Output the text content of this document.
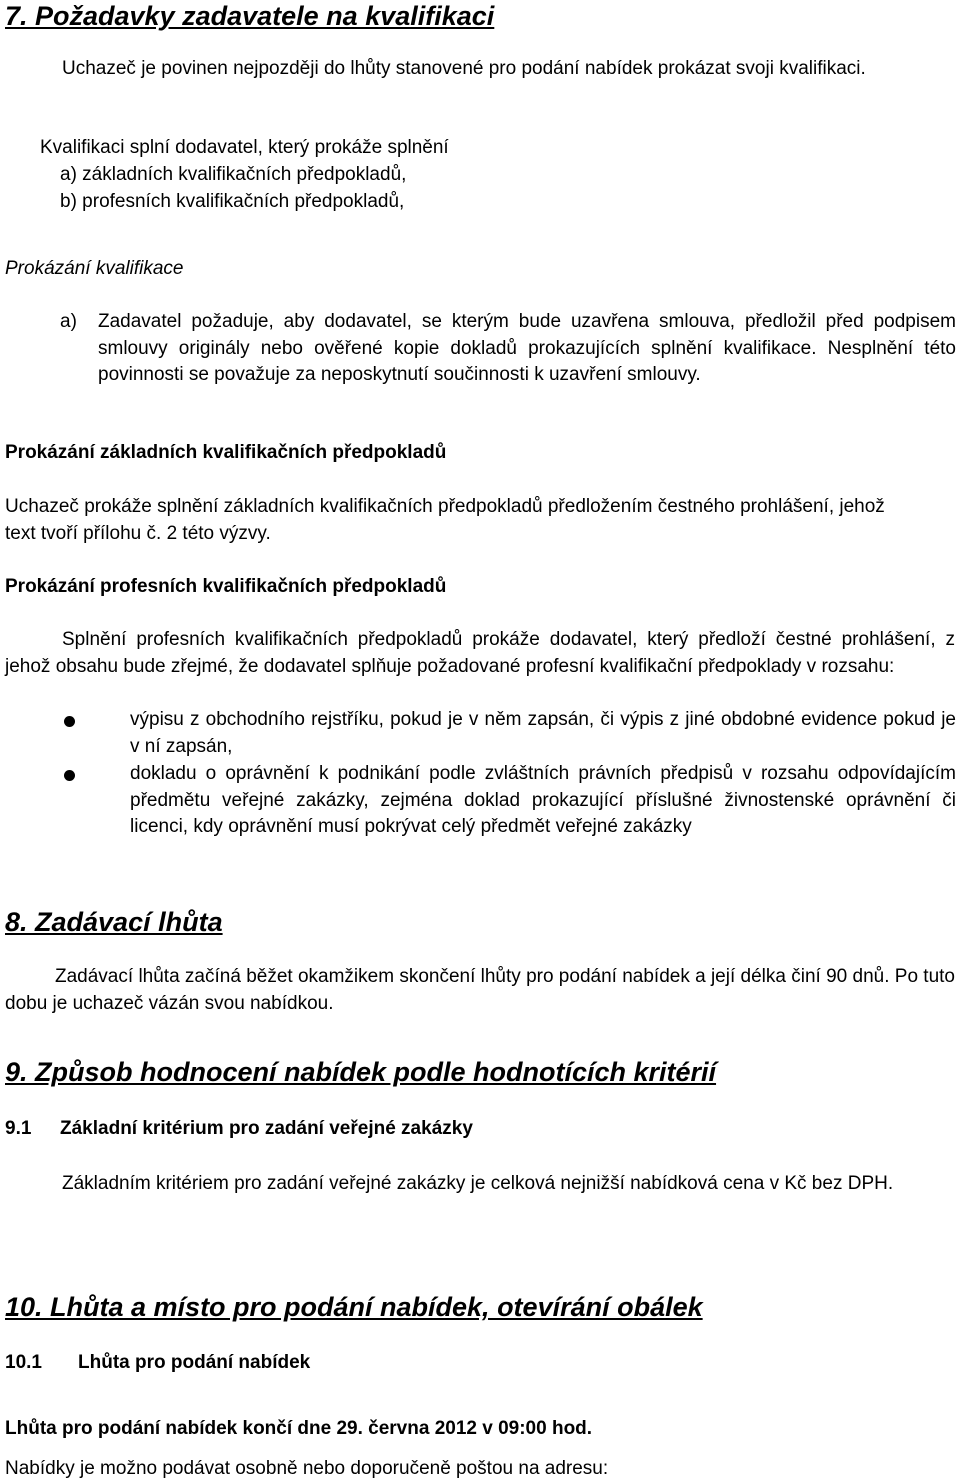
7. Požadavky zadavatele na kvalifikaci

Uchazeč je povinen nejpozději do lhůty stanovené pro podání nabídek prokázat svoji kvalifikaci.

Kvalifikaci splní dodavatel, který prokáže splnění

a) základních kvalifikačních předpokladů,

b) profesních kvalifikačních předpokladů,

Prokázání kvalifikace

a) Zadavatel požaduje, aby dodavatel, se kterým bude uzavřena smlouva, předložil před podpisem smlouvy originály nebo ověřené kopie dokladů prokazujících splnění kvalifikace. Nesplnění této povinnosti se považuje za neposkytnutí součinnosti k uzavření smlouvy.

Prokázání základních kvalifikačních předpokladů

Uchazeč prokáže splnění základních kvalifikačních předpokladů předložením čestného prohlášení, jehož text tvoří přílohu č. 2 této výzvy.

Prokázání profesních kvalifikačních předpokladů

Splnění profesních kvalifikačních předpokladů prokáže dodavatel, který předloží čestné prohlášení, z jehož obsahu bude zřejmé, že dodavatel splňuje požadované profesní kvalifikační předpoklady v rozsahu:

výpisu z obchodního rejstříku, pokud je v něm zapsán, či výpis z jiné obdobné evidence pokud je v ní zapsán,

dokladu o oprávnění k podnikání podle zvláštních právních předpisů v rozsahu odpovídajícím předmětu veřejné zakázky, zejména doklad prokazující příslušné živnostenské oprávnění či licenci, kdy oprávnění musí pokrývat celý předmět veřejné zakázky

8. Zadávací lhůta

Zadávací lhůta začíná běžet okamžikem skončení lhůty pro podání nabídek a její délka činí 90 dnů. Po tuto dobu je uchazeč vázán svou nabídkou.

9. Způsob hodnocení nabídek podle hodnotících kritérií
9.1 Základní kritérium pro zadání veřejné zakázky

Základním kritériem pro zadání veřejné zakázky je celková nejnižší nabídková cena v Kč bez DPH.

10. Lhůta a místo pro podání nabídek, otevírání obálek
10.1 Lhůta pro podání nabídek

Lhůta pro podání nabídek končí dne 29. června 2012 v 09:00 hod.

Nabídky je možno podávat osobně nebo doporučeně poštou na adresu:
